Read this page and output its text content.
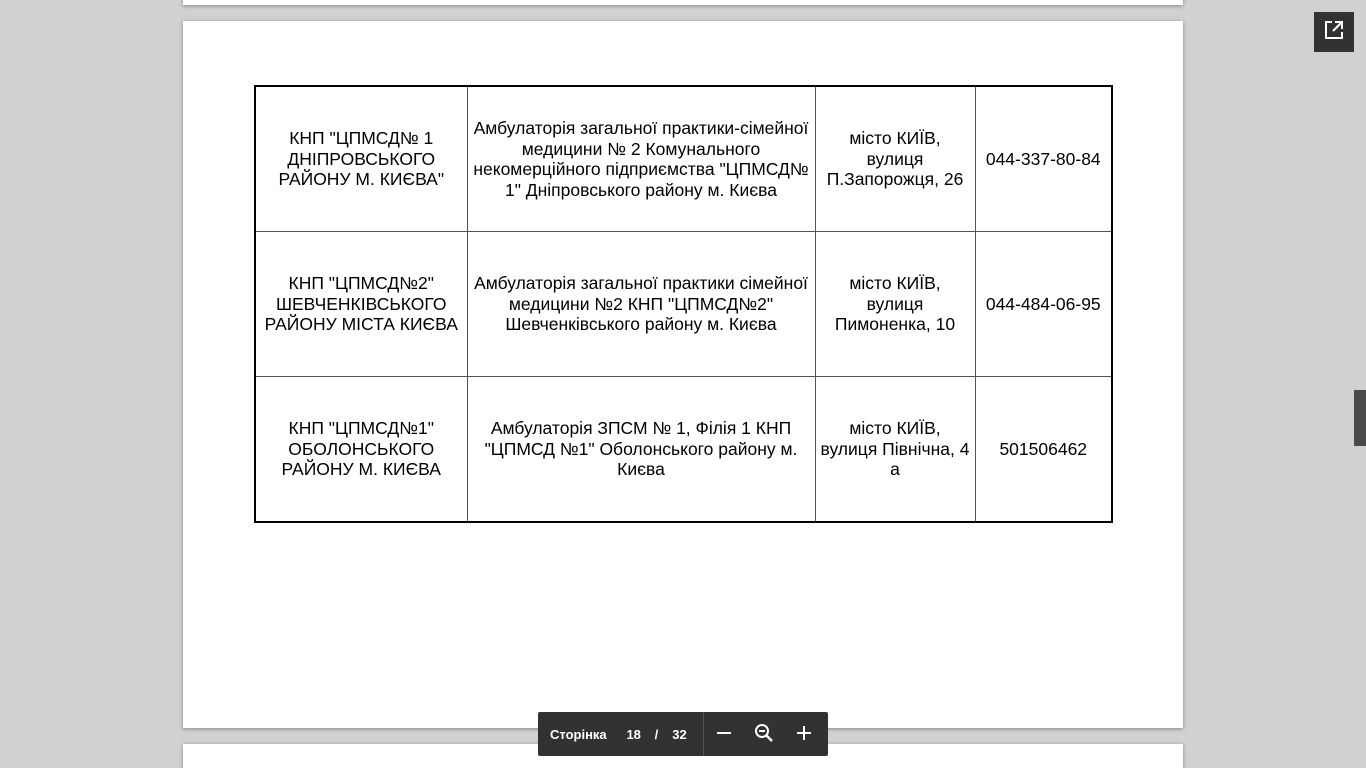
КНП "ЦПМСД№ 1 ДНІПРОВСЬКОГО РАЙОНУ М. КИЄВА"	Амбулаторія загальної практики-сімейної медицини № 2 Комунального некомерційного підприємства "ЦПМСД№ 1" Дніпровського району м. Києва	місто КИЇВ, вулиця П.Запорожця, 26	044-337-80-84
КНП "ЦПМСД№2" ШЕВЧЕНКІВСЬКОГО РАЙОНУ МІСТА КИЄВА	Амбулаторія загальної практики сімейної медицини №2 КНП "ЦПМСД№2" Шевченківського району м. Києва	місто КИЇВ, вулиця Пимоненка, 10	044-484-06-95
КНП "ЦПМСД№1" ОБОЛОНСЬКОГО РАЙОНУ М. КИЄВА	Амбулаторія ЗПСМ № 1, Філія 1 КНП "ЦПМСД №1" Оболонського району м. Києва	місто КИЇВ, вулиця Північна, 4 а	501506462
Сторінка	18	/ 32
